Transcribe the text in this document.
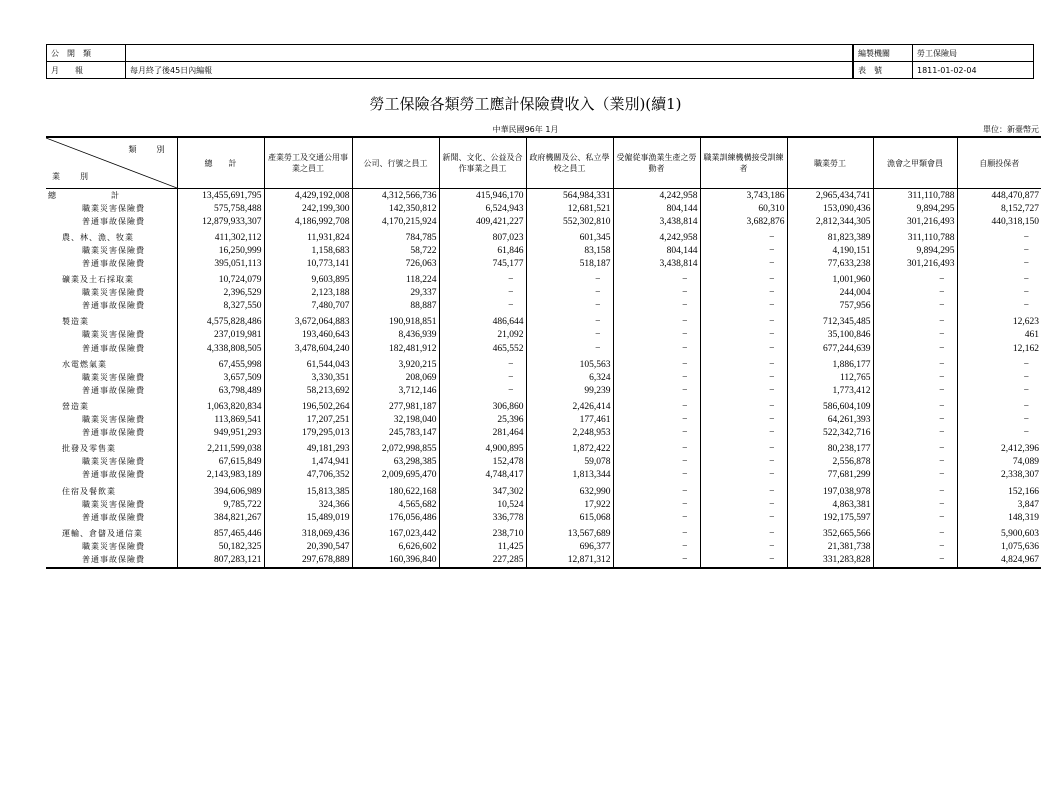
公　開　類	
月　　報	每月終了後45日內編報
編製機關	勞工保險局
表　號	1811-01-02-04
勞工保險各類勞工應計保險費收入（業別)(續1)
中華民國96年 1月	單位：新臺幣元
類　別
業　別	總　　計	產業勞工及交通公用事業之員工	公司、行號之員工	新聞、文化、公益及合作事業之員工	政府機關及公、私立學校之員工	受僱從事漁業生產之勞動者	職業訓練機構接受訓練者	職業勞工	漁會之甲類會員	自願投保者
總　　　　　　計	13,455,691,795	4,429,192,008	4,312,566,736	415,946,170	564,984,331	4,242,958	3,743,186	2,965,434,741	311,110,788	448,470,877
職業災害保險費	575,758,488	242,199,300	142,350,812	6,524,943	12,681,521	804,144	60,310	153,090,436	9,894,295	8,152,727
普通事故保險費	12,879,933,307	4,186,992,708	4,170,215,924	409,421,227	552,302,810	3,438,814	3,682,876	2,812,344,305	301,216,493	440,318,150

農、林、漁、牧業	411,302,112	11,931,824	784,785	807,023	601,345	4,242,958	−	81,823,389	311,110,788	−
職業災害保險費	16,250,999	1,158,683	58,722	61,846	83,158	804,144	−	4,190,151	9,894,295	−
普通事故保險費	395,051,113	10,773,141	726,063	745,177	518,187	3,438,814	−	77,633,238	301,216,493	−

礦業及土石採取業	10,724,079	9,603,895	118,224	−	−	−	−	1,001,960	−	−
職業災害保險費	2,396,529	2,123,188	29,337	−	−	−	−	244,004	−	−
普通事故保險費	8,327,550	7,480,707	88,887	−	−	−	−	757,956	−	−

製造業	4,575,828,486	3,672,064,883	190,918,851	486,644	−	−	−	712,345,485	−	12,623
職業災害保險費	237,019,981	193,460,643	8,436,939	21,092	−	−	−	35,100,846	−	461
普通事故保險費	4,338,808,505	3,478,604,240	182,481,912	465,552	−	−	−	677,244,639	−	12,162

水電燃氣業	67,455,998	61,544,043	3,920,215	−	105,563	−	−	1,886,177	−	−
職業災害保險費	3,657,509	3,330,351	208,069	−	6,324	−	−	112,765	−	−
普通事故保險費	63,798,489	58,213,692	3,712,146	−	99,239	−	−	1,773,412	−	−

營造業	1,063,820,834	196,502,264	277,981,187	306,860	2,426,414	−	−	586,604,109	−	−
職業災害保險費	113,869,541	17,207,251	32,198,040	25,396	177,461	−	−	64,261,393	−	−
普通事故保險費	949,951,293	179,295,013	245,783,147	281,464	2,248,953	−	−	522,342,716	−	−

批發及零售業	2,211,599,038	49,181,293	2,072,998,855	4,900,895	1,872,422	−	−	80,238,177	−	2,412,396
職業災害保險費	67,615,849	1,474,941	63,298,385	152,478	59,078	−	−	2,556,878	−	74,089
普通事故保險費	2,143,983,189	47,706,352	2,009,695,470	4,748,417	1,813,344	−	−	77,681,299	−	2,338,307

住宿及餐飲業	394,606,989	15,813,385	180,622,168	347,302	632,990	−	−	197,038,978	−	152,166
職業災害保險費	9,785,722	324,366	4,565,682	10,524	17,922	−	−	4,863,381	−	3,847
普通事故保險費	384,821,267	15,489,019	176,056,486	336,778	615,068	−	−	192,175,597	−	148,319

運輸、倉儲及通信業	857,465,446	318,069,436	167,023,442	238,710	13,567,689	−	−	352,665,566	−	5,900,603
職業災害保險費	50,182,325	20,390,547	6,626,602	11,425	696,377	−	−	21,381,738	−	1,075,636
普通事故保險費	807,283,121	297,678,889	160,396,840	227,285	12,871,312	−	−	331,283,828	−	4,824,967
